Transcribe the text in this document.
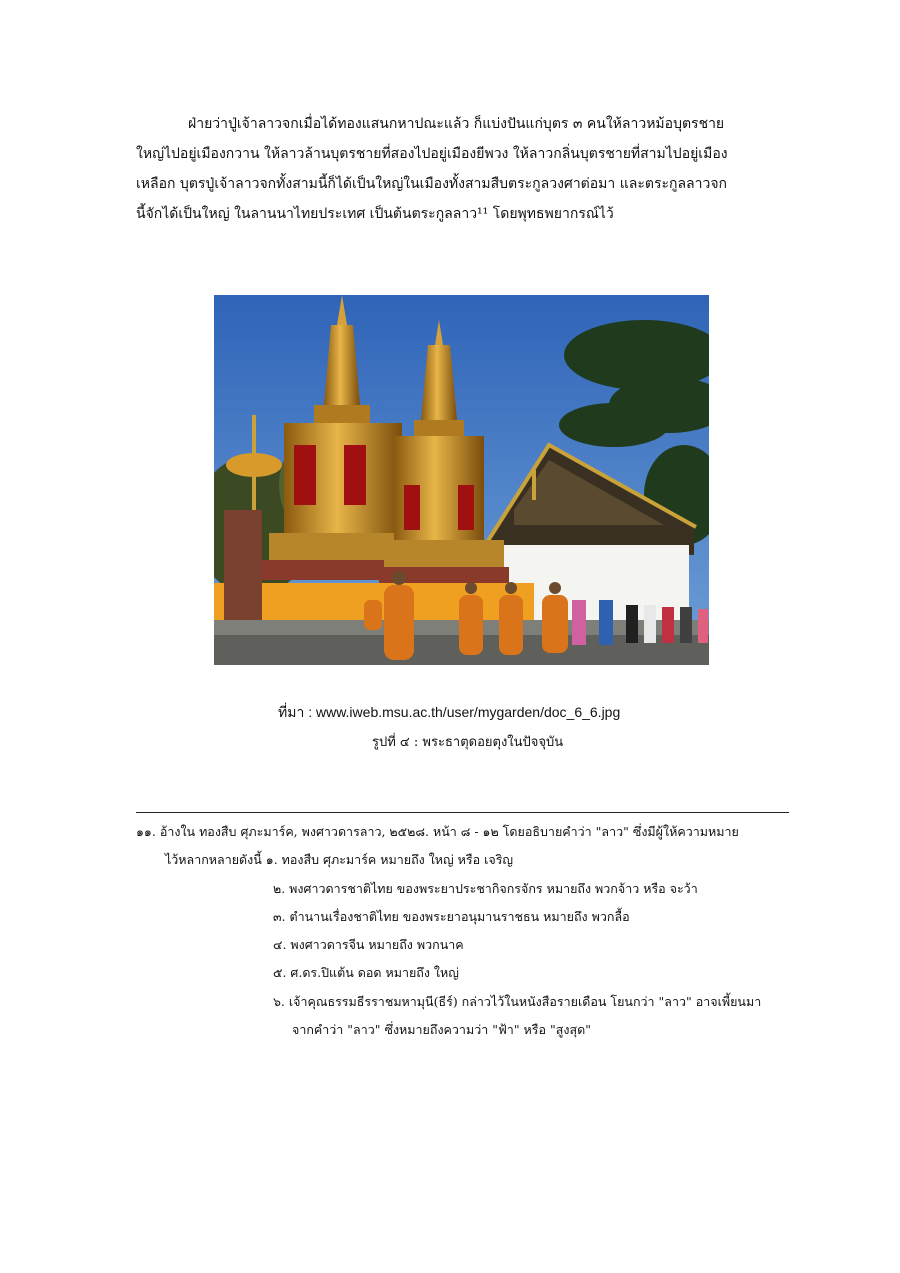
ฝ่ายว่าปู่เจ้าลาวจกเมื่อได้ทองแสนกหาปณะแล้ว ก็แบ่งปันแก่บุตร ๓ คนให้ลาวหม้อบุตรชาย
ใหญ่ไปอยู่เมืองกวาน ให้ลาวล้านบุตรชายที่สองไปอยู่เมืองยีพวง ให้ลาวกลิ่นบุตรชายที่สามไปอยู่เมือง
เหลือก บุตรปู่เจ้าลาวจกทั้งสามนี้ก็ได้เป็นใหญ่ในเมืองทั้งสามสืบตระกูลวงศาต่อมา และตระกูลลาวจก
นี้จักได้เป็นใหญ่ ในลานนาไทยประเทศ เป็นต้นตระกูลลาว¹¹ โดยพุทธพยากรณ์ไว้
ที่มา : www.iweb.msu.ac.th/user/mygarden/doc_6_6.jpg
รูปที่ ๔ : พระธาตุดอยตุงในปัจจุบัน
๑๑. อ้างใน ทองสืบ ศุภะมาร์ค, พงศาวดารลาว, ๒๕๒๘. หน้า ๘ - ๑๒ โดยอธิบายคำว่า "ลาว" ซึ่งมีผู้ให้ความหมาย
ไว้หลากหลายดังนี้ ๑. ทองสืบ ศุภะมาร์ค หมายถึง ใหญ่ หรือ เจริญ
๒. พงศาวดารชาติไทย ของพระยาประชากิจกรจักร หมายถึง พวกจ้าว หรือ จะว้า
๓. ตำนานเรื่องชาติไทย ของพระยาอนุมานราชธน หมายถึง พวกลื้อ
๔. พงศาวดารจีน หมายถึง พวกนาค
๕. ศ.ดร.ปิแต้น ดอด หมายถึง ใหญ่
๖. เจ้าคุณธรรมธีรราชมหามุนี(ธีร์) กล่าวไว้ในหนังสือรายเดือน โยนกว่า "ลาว" อาจเพี้ยนมา
จากคำว่า "ลาว" ซึ่งหมายถึงความว่า "ฟ้า" หรือ "สูงสุด"
